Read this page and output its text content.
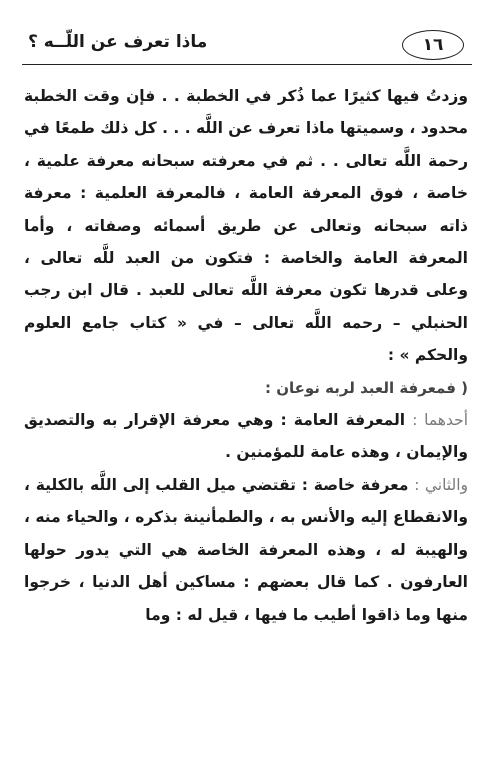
١٦
ماذا تعرف عن اللّــه ؟

وزدتُ فيها كثيرًا عما ذُكر في الخطبة . . فإن وقت الخطبة محدود ، وسميتها ماذا تعرف عن اللَّه . . . كل ذلك طمعًا في رحمة اللَّه تعالى . . ثم في معرفته سبحانه معرفة علمية ، خاصة ، فوق المعرفة العامة ، فالمعرفة العلمية : معرفة ذاته سبحانه وتعالى عن طريق أسمائه وصفاته ، وأما المعرفة العامة والخاصة : فتكون من العبد للَّه تعالى ، وعلى قدرها تكون معرفة اللَّه تعالى للعبد . قال ابن رجب الحنبلي – رحمه اللَّه تعالى – في « كتاب جامع العلوم والحكم » :

( فمعرفة العبد لربه نوعان :

أحدهما : المعرفة العامة : وهي معرفة الإقرار به والتصديق والإيمان ، وهذه عامة للمؤمنين .

والثاني : معرفة خاصة : تقتضي ميل القلب إلى اللَّه بالكلية ، والانقطاع إليه والأنس به ، والطمأنينة بذكره ، والحياء منه ، والهيبة له ، وهذه المعرفة الخاصة هي التي يدور حولها العارفون . كما قال بعضهم : مساكين أهل الدنيا ، خرجوا منها وما ذاقوا أطيب ما فيها ، قيل له : وما
